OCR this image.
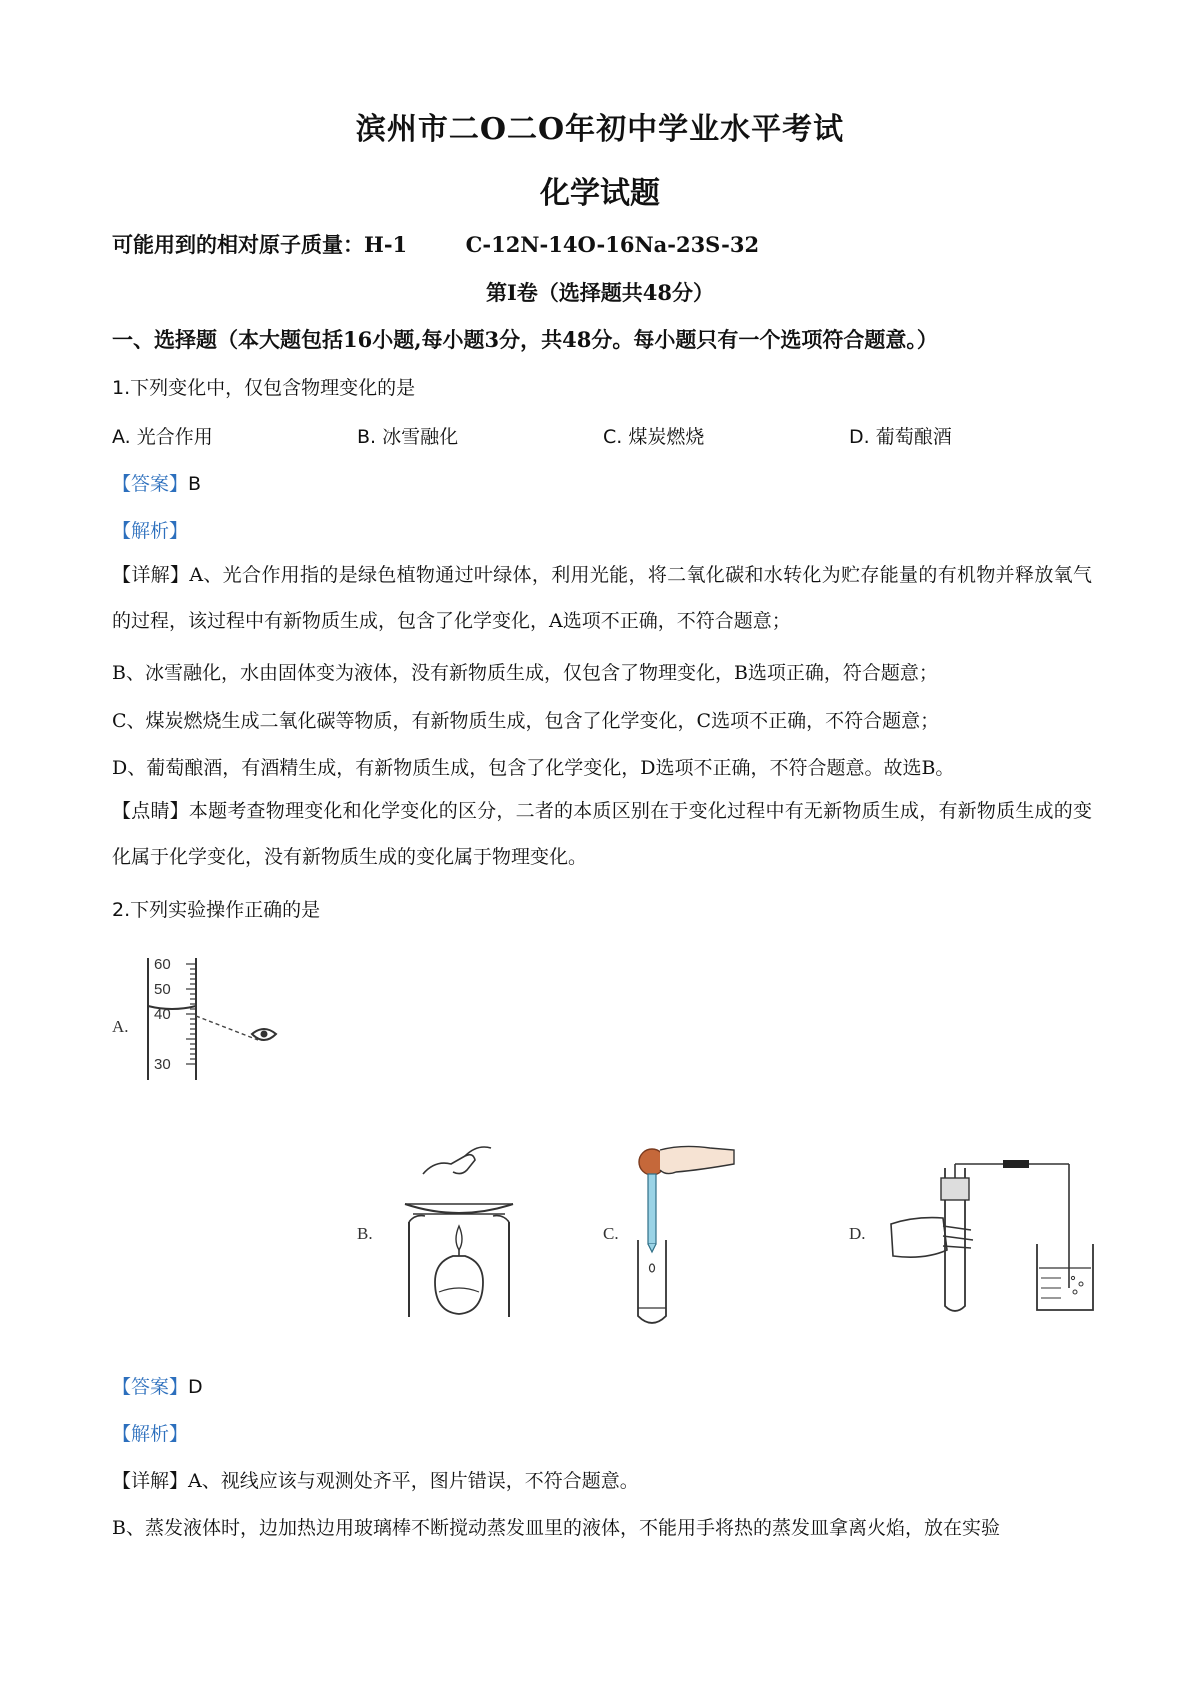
滨州市二O二O年初中学业水平考试
化学试题
可能用到的相对原子质量：H-1        C-12N-14O-16Na-23S-32
第I卷（选择题共48分）
一、选择题（本大题包括16小题,每小题3分，共48分。每小题只有一个选项符合题意。）
1.下列变化中，仅包含物理变化的是
A. 光合作用	B. 冰雪融化	C. 煤炭燃烧	D. 葡萄酿酒
【答案】B
【解析】
【详解】A、光合作用指的是绿色植物通过叶绿体，利用光能，将二氧化碳和水转化为贮存能量的有机物并释放氧气的过程，该过程中有新物质生成，包含了化学变化，A选项不正确，不符合题意；
B、冰雪融化，水由固体变为液体，没有新物质生成，仅包含了物理变化，B选项正确，符合题意；
C、煤炭燃烧生成二氧化碳等物质，有新物质生成，包含了化学变化，C选项不正确，不符合题意；
D、葡萄酿酒，有酒精生成，有新物质生成，包含了化学变化，D选项不正确，不符合题意。故选B。
【点睛】本题考查物理变化和化学变化的区分，二者的本质区别在于变化过程中有无新物质生成，有新物质生成的变化属于化学变化，没有新物质生成的变化属于物理变化。
2.下列实验操作正确的是
A.
60
50
40
30
B.	C.	D.
【答案】D
【解析】
【详解】A、视线应该与观测处齐平，图片错误，不符合题意。
B、蒸发液体时，边加热边用玻璃棒不断搅动蒸发皿里的液体，不能用手将热的蒸发皿拿离火焰，放在实验
